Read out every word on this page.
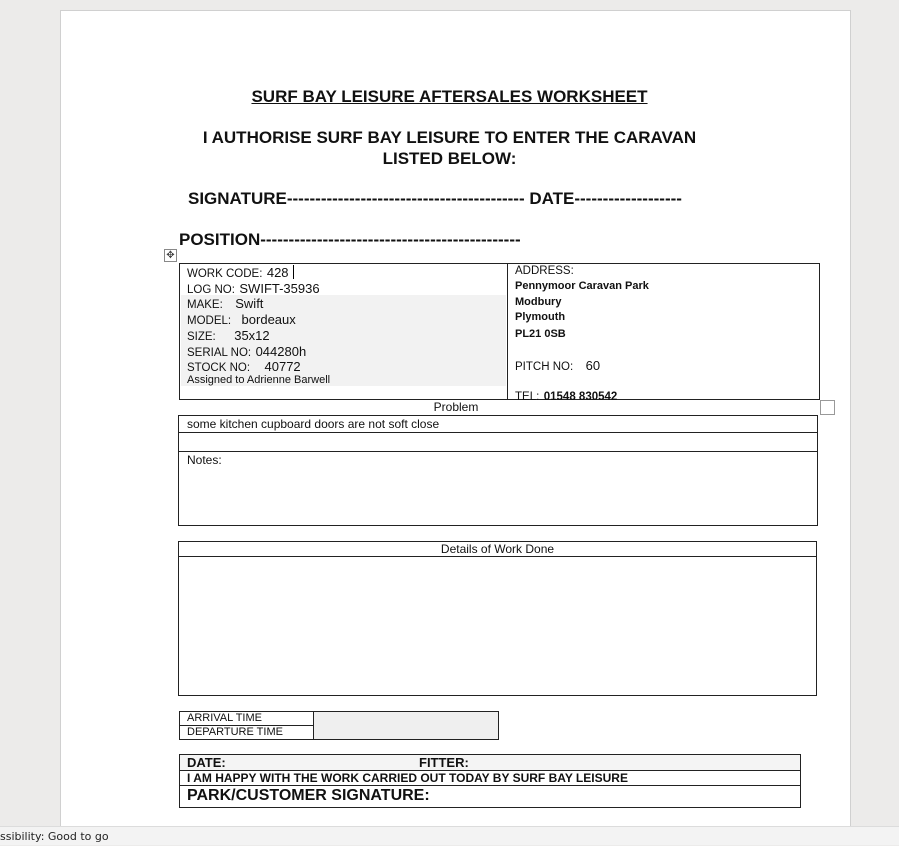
SURF BAY LEISURE AFTERSALES WORKSHEET
I AUTHORISE SURF BAY LEISURE TO ENTER THE CARAVAN
LISTED BELOW:
SIGNATURE------------------------------------------ DATE-------------------
POSITION----------------------------------------------
✥
WORK CODE: 428
LOG NO: SWIFT-35936
MAKE: Swift
MODEL: bordeaux
SIZE: 35x12
SERIAL NO: 044280h
STOCK NO: 40772
Assigned to Adrienne Barwell
ADDRESS:
Pennymoor Caravan Park
Modbury
Plymouth
PL21 0SB
PITCH NO: 60
TEL: 01548 830542
Problem
some kitchen cupboard doors are not soft close
Notes:
Details of Work Done
ARRIVAL TIME
DEPARTURE TIME
DATE:	FITTER:
I AM HAPPY WITH THE WORK CARRIED OUT TODAY BY SURF BAY LEISURE
PARK/CUSTOMER SIGNATURE:
ssibility: Good to go
